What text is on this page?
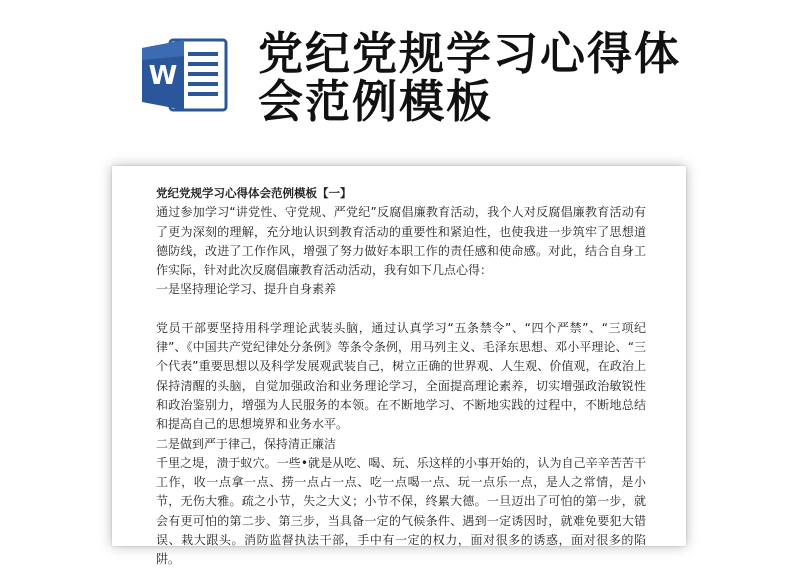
W 党纪党规学习心得体
会范例模板

党纪党规学习心得体会范例模板【一】

通过参加学习“讲党性、守党规、严党纪”反腐倡廉教育活动，我个人对反腐倡廉教育活动有了更为深刻的理解，充分地认识到教育活动的重要性和紧迫性，也使我进一步筑牢了思想道德防线，改进了工作作风，增强了努力做好本职工作的责任感和使命感。对此，结合自身工作实际，针对此次反腐倡廉教育活动活动，我有如下几点心得：

一是坚持理论学习、提升自身素养

党员干部要坚持用科学理论武装头脑，通过认真学习“五条禁令”、“四个严禁”、“三项纪律”、《中国共产党纪律处分条例》等条令条例，用马列主义、毛泽东思想、邓小平理论、“三个代表”重要思想以及科学发展观武装自己，树立正确的世界观、人生观、价值观，在政治上保持清醒的头脑，自觉加强政治和业务理论学习，全面提高理论素养，切实增强政治敏锐性和政治鉴别力，增强为人民服务的本领。在不断地学习、不断地实践的过程中，不断地总结和提高自己的思想境界和业务水平。

二是做到严于律己，保持清正廉洁

千里之堤，溃于蚁穴。一些•就是从吃、喝、玩、乐这样的小事开始的，认为自己辛辛苦苦干工作，收一点拿一点、捞一点占一点、吃一点喝一点、玩一点乐一点，是人之常情，是小节，无伤大雅。疏之小节，失之大义；小节不保，终累大德。一旦迈出了可怕的第一步，就会有更可怕的第二步、第三步，当具备一定的气候条件、遇到一定诱因时，就难免要犯大错误、栽大跟头。消防监督执法干部，手中有一定的权力，面对很多的诱惑，面对很多的陷阱。
